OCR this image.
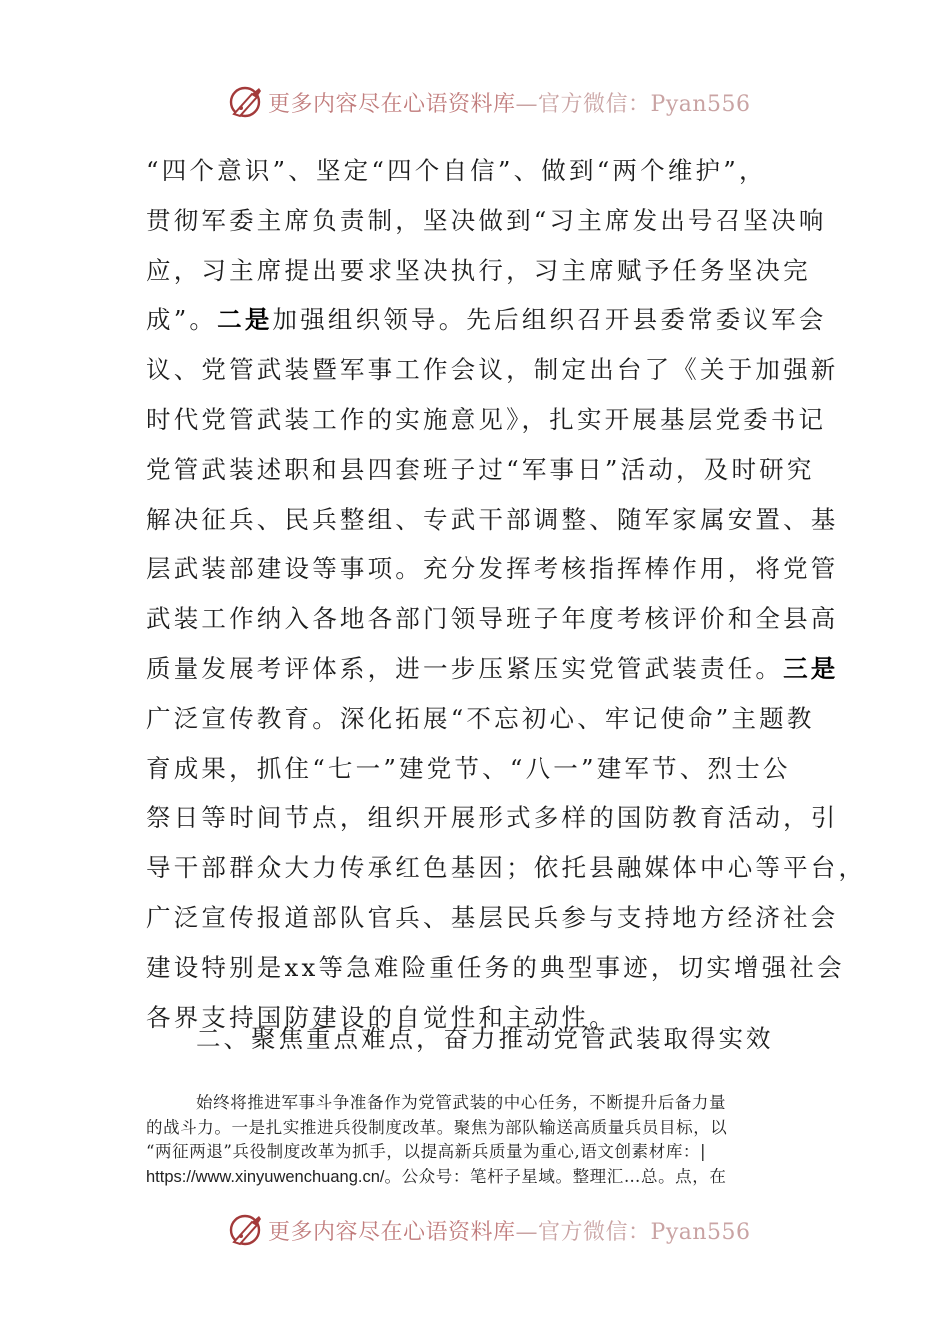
更多内容尽在心语资料库—官方微信：Pyan556
“四个意识”、坚定“四个自信”、做到“两个维护”，
贯彻军委主席负责制，坚决做到“习主席发出号召坚决响
应，习主席提出要求坚决执行，习主席赋予任务坚决完
成”。二是加强组织领导。先后组织召开县委常委议军会
议、党管武装暨军事工作会议，制定出台了《关于加强新
时代党管武装工作的实施意见》，扎实开展基层党委书记
党管武装述职和县四套班子过“军事日”活动，及时研究
解决征兵、民兵整组、专武干部调整、随军家属安置、基
层武装部建设等事项。充分发挥考核指挥棒作用，将党管
武装工作纳入各地各部门领导班子年度考核评价和全县高
质量发展考评体系，进一步压紧压实党管武装责任。三是
广泛宣传教育。深化拓展“不忘初心、牢记使命”主题教
育成果，抓住“七一”建党节、“八一”建军节、烈士公
祭日等时间节点，组织开展形式多样的国防教育活动，引
导干部群众大力传承红色基因；依托县融媒体中心等平台，
广泛宣传报道部队官兵、基层民兵参与支持地方经济社会
建设特别是xx等急难险重任务的典型事迹，切实增强社会
各界支持国防建设的自觉性和主动性。
二、聚焦重点难点，奋力推动党管武装取得实效
始终将推进军事斗争准备作为党管武装的中心任务，不断提升后备力量
的战斗力。一是扎实推进兵役制度改革。聚焦为部队输送高质量兵员目标，以
“两征两退”兵役制度改革为抓手，以提高新兵质量为重心,语文创素材库：|
https://www.xinyuwenchuang.cn/。公众号：笔杆子星域。整理汇…总。点，在
更多内容尽在心语资料库—官方微信：Pyan556
